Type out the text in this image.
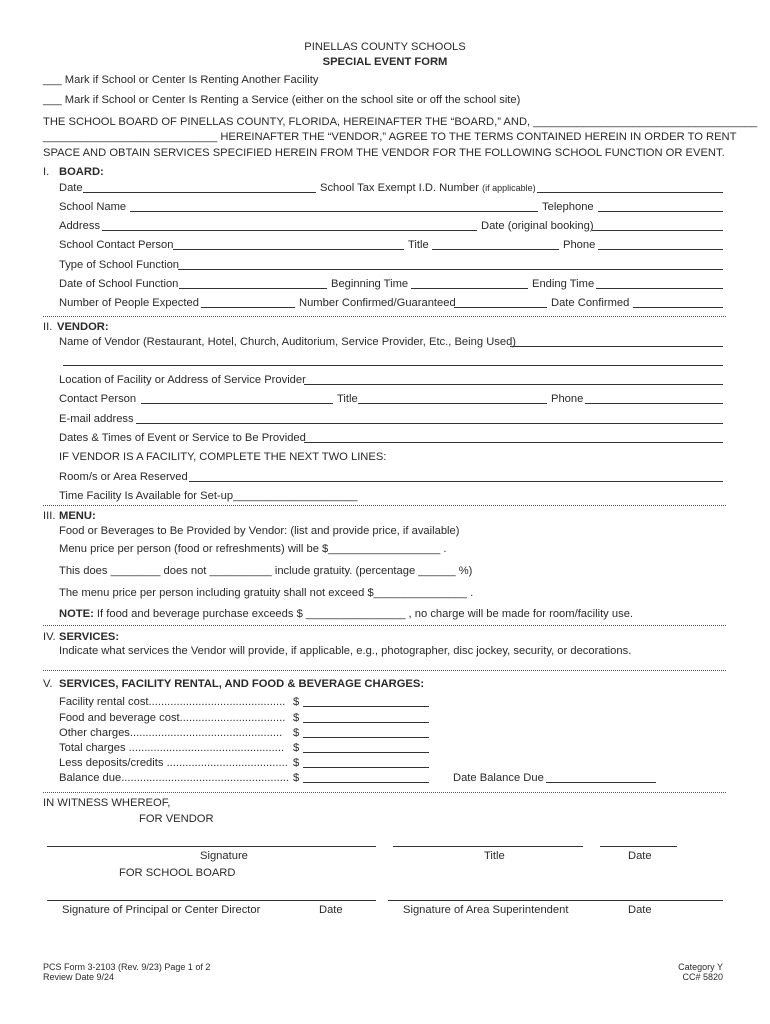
PINELLAS COUNTY SCHOOLS
SPECIAL EVENT FORM
___ Mark if School or Center Is Renting Another Facility
___ Mark if School or Center Is Renting a Service (either on the school site or off the school site)
THE SCHOOL BOARD OF PINELLAS COUNTY, FLORIDA, HEREINAFTER THE “BOARD,” AND, ____________________________________
____________________________ HEREINAFTER THE “VENDOR,” AGREE TO THE TERMS CONTAINED HEREIN IN ORDER TO RENT
SPACE AND OBTAIN SERVICES SPECIFIED HEREIN FROM THE VENDOR FOR THE FOLLOWING SCHOOL FUNCTION OR EVENT.
I. BOARD:
Date	School Tax Exempt I.D. Number (if applicable)
School Name	Telephone
Address	Date (original booking)
School Contact Person	Title	Phone
Type of School Function
Date of School Function	Beginning Time	Ending Time
Number of People Expected	Number Confirmed/Guaranteed	Date Confirmed
II. VENDOR:
Name of Vendor (Restaurant, Hotel, Church, Auditorium, Service Provider, Etc., Being Used)
Location of Facility or Address of Service Provider
Contact Person	Title	Phone
E-mail address
Dates & Times of Event or Service to Be Provided
IF VENDOR IS A FACILITY, COMPLETE THE NEXT TWO LINES:
Room/s or Area Reserved
Time Facility Is Available for Set-up____________________
III. MENU:
Food or Beverages to Be Provided by Vendor: (list and provide price, if available)
Menu price per person (food or refreshments) will be $__________________ .
This does ________ does not __________ include gratuity. (percentage ______ %)
The menu price per person including gratuity shall not exceed $_______________ .
NOTE: If food and beverage purchase exceeds $ ________________ , no charge will be made for room/facility use.
IV. SERVICES:
Indicate what services the Vendor will provide, if applicable, e.g., photographer, disc jockey, security, or decorations.
V. SERVICES, FACILITY RENTAL, AND FOOD & BEVERAGE CHARGES:
Facility rental cost............................................ $
Food and beverage cost.................................. $
Other charges................................................. $
Total charges .................................................. $
Less deposits/credits ....................................... $
Balance due...................................................... $	Date Balance Due
IN WITNESS WHEREOF,
FOR VENDOR
Signature	Title	Date
FOR SCHOOL BOARD
Signature of Principal or Center Director	Date	Signature of Area Superintendent	Date
PCS Form 3-2103 (Rev. 9/23) Page 1 of 2
Review Date 9/24
Category Y
CC# 5820
